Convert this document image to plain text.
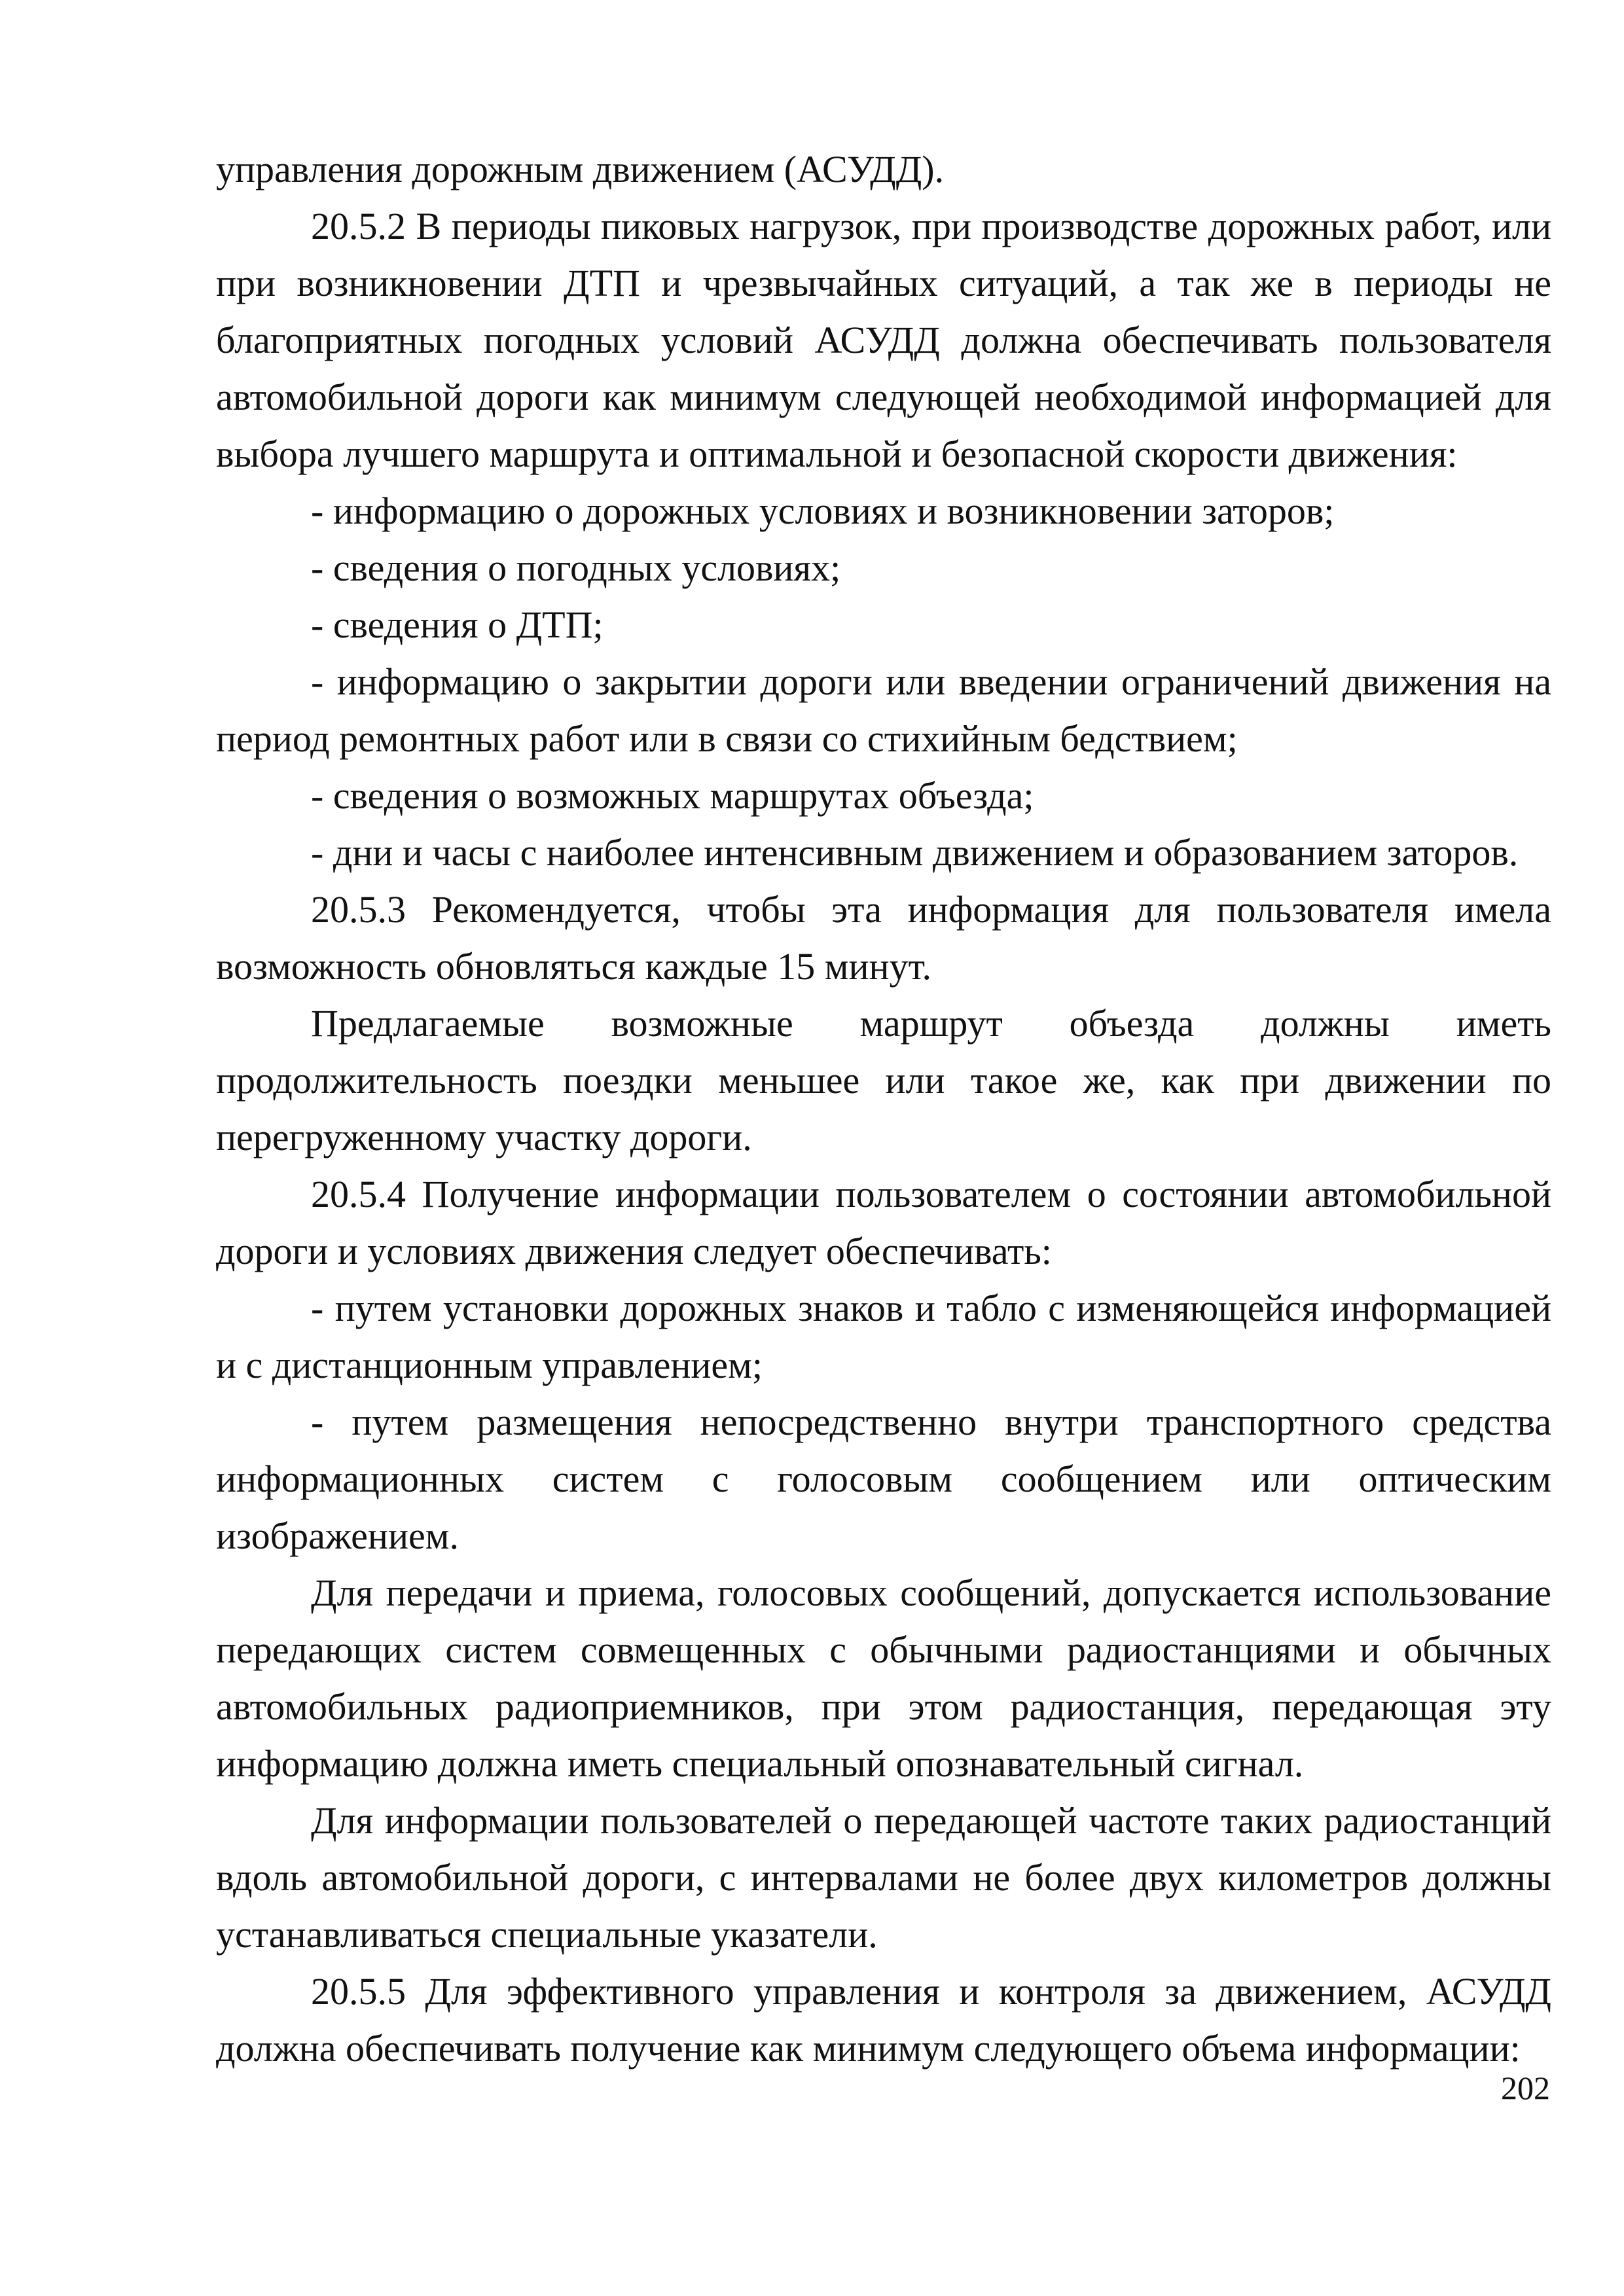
управления дорожным движением (АСУДД).

20.5.2 В периоды пиковых нагрузок, при производстве дорожных работ, или при возникновении ДТП и чрезвычайных ситуаций, а так же в периоды не благоприятных погодных условий АСУДД должна обеспечивать пользователя автомобильной дороги как минимум следующей необходимой информацией для выбора лучшего маршрута и оптимальной и безопасной скорости движения:

- информацию о дорожных условиях и возникновении заторов;

- сведения о погодных условиях;

- сведения о ДТП;

- информацию о закрытии дороги или введении ограничений движения на период ремонтных работ или в связи со стихийным бедствием;

- сведения о возможных маршрутах объезда;

- дни и часы с наиболее интенсивным движением и образованием заторов.

20.5.3 Рекомендуется, чтобы эта информация для пользователя имела возможность обновляться каждые 15 минут.

Предлагаемые возможные маршрут объезда должны иметь продолжительность поездки меньшее или такое же, как при движении по перегруженному участку дороги.

20.5.4 Получение информации пользователем о состоянии автомобильной дороги и условиях движения следует обеспечивать:

- путем установки дорожных знаков и табло с изменяющейся информацией и с дистанционным управлением;

- путем размещения непосредственно внутри транспортного средства информационных систем с голосовым сообщением или оптическим изображением.

Для передачи и приема, голосовых сообщений, допускается использование передающих систем совмещенных с обычными радиостанциями и обычных автомобильных радиоприемников, при этом радиостанция, передающая эту информацию должна иметь специальный опознавательный сигнал.

Для информации пользователей о передающей частоте таких радиостанций вдоль автомобильной дороги, с интервалами не более двух километров должны устанавливаться специальные указатели.

20.5.5 Для эффективного управления и контроля за движением, АСУДД должна обеспечивать получение как минимум следующего объема информации:

202
